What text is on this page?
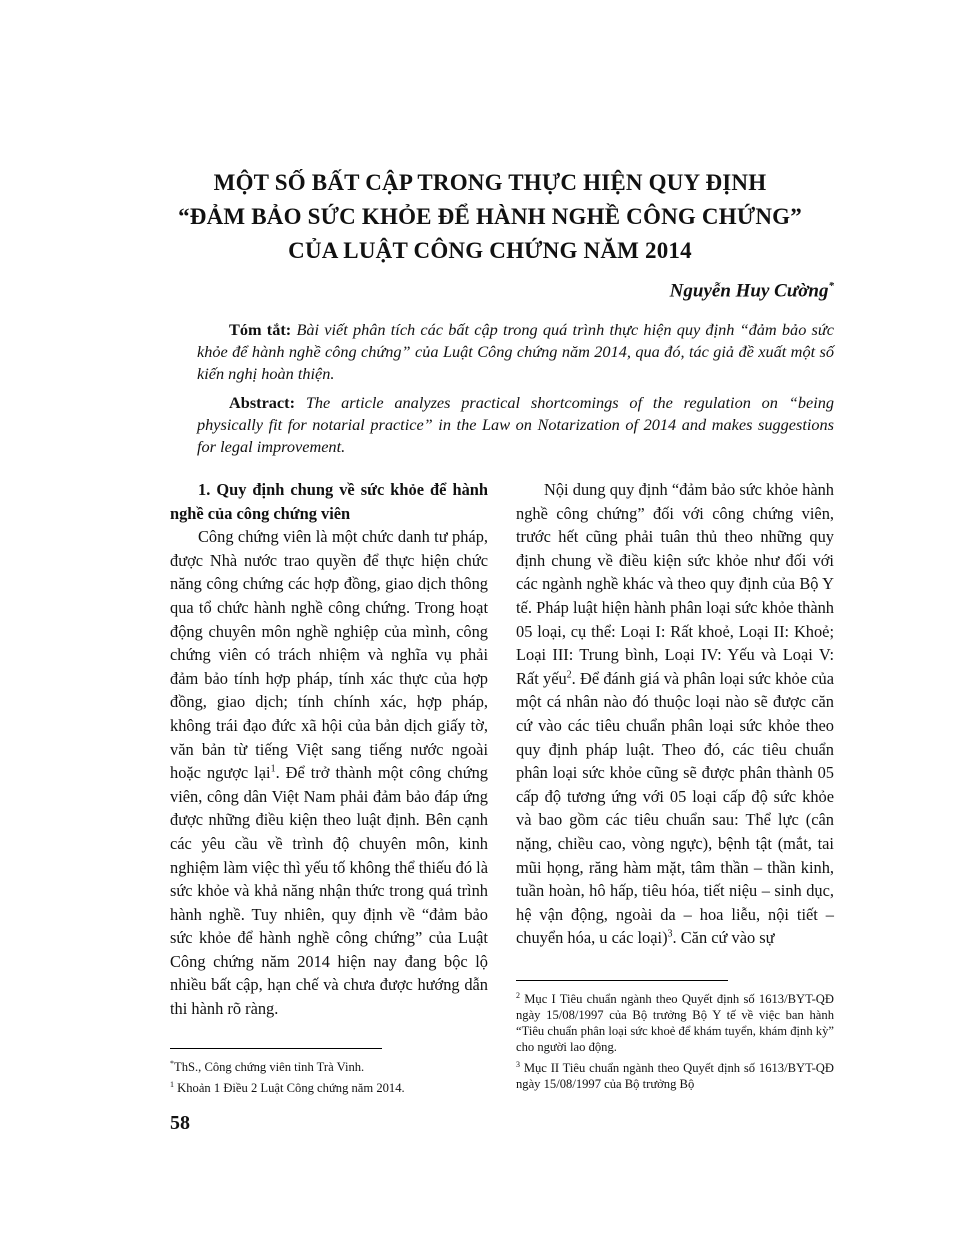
MỘT SỐ BẤT CẬP TRONG THỰC HIỆN QUY ĐỊNH
“ĐẢM BẢO SỨC KHỎE ĐỂ HÀNH NGHỀ CÔNG CHỨNG”
CỦA LUẬT CÔNG CHỨNG NĂM 2014
Nguyễn Huy Cường*
Tóm tắt: Bài viết phân tích các bất cập trong quá trình thực hiện quy định “đảm bảo sức khỏe để hành nghề công chứng” của Luật Công chứng năm 2014, qua đó, tác giả đề xuất một số kiến nghị hoàn thiện.
Abstract: The article analyzes practical shortcomings of the regulation on “being physically fit for notarial practice” in the Law on Notarization of 2014 and makes suggestions for legal improvement.
1. Quy định chung về sức khỏe để hành nghề của công chứng viên

Công chứng viên là một chức danh tư pháp, được Nhà nước trao quyền để thực hiện chức năng công chứng các hợp đồng, giao dịch thông qua tổ chức hành nghề công chứng. Trong hoạt động chuyên môn nghề nghiệp của mình, công chứng viên có trách nhiệm và nghĩa vụ phải đảm bảo tính hợp pháp, tính xác thực của hợp đồng, giao dịch; tính chính xác, hợp pháp, không trái đạo đức xã hội của bản dịch giấy tờ, văn bản từ tiếng Việt sang tiếng nước ngoài hoặc ngược lại$^1$. Để trở thành một công chứng viên, công dân Việt Nam phải đảm bảo đáp ứng được những điều kiện theo luật định. Bên cạnh các yêu cầu về trình độ chuyên môn, kinh nghiệm làm việc thì yếu tố không thể thiếu đó là sức khỏe và khả năng nhận thức trong quá trình hành nghề. Tuy nhiên, quy định về “đảm bảo sức khỏe để hành nghề công chứng” của Luật Công chứng năm 2014 hiện nay đang bộc lộ nhiều bất cập, hạn chế và chưa được hướng dẫn thi hành rõ ràng.

Nội dung quy định “đảm bảo sức khỏe hành nghề công chứng” đối với công chứng viên, trước hết cũng phải tuân thủ theo những quy định chung về điều kiện sức khỏe như đối với các ngành nghề khác và theo quy định của Bộ Y tế. Pháp luật hiện hành phân loại sức khỏe thành 05 loại, cụ thể: Loại I: Rất khoẻ, Loại II: Khoẻ; Loại III: Trung bình, Loại IV: Yếu và Loại V: Rất yếu$^2$. Để đánh giá và phân loại sức khỏe của một cá nhân nào đó thuộc loại nào sẽ được căn cứ vào các tiêu chuẩn phân loại sức khỏe theo quy định pháp luật. Theo đó, các tiêu chuẩn phân loại sức khỏe cũng sẽ được phân thành 05 cấp độ tương ứng với 05 loại cấp độ sức khỏe và bao gồm các tiêu chuẩn sau: Thể lực (cân nặng, chiều cao, vòng ngực), bệnh tật (mắt, tai mũi họng, răng hàm mặt, tâm thần – thần kinh, tuần hoàn, hô hấp, tiêu hóa, tiết niệu – sinh dục, hệ vận động, ngoài da – hoa liễu, nội tiết – chuyển hóa, u các loại)$^3$. Căn cứ vào sự

*ThS., Công chứng viên tỉnh Trà Vinh.

$^1$ Khoản 1 Điều 2 Luật Công chứng năm 2014.

$^2$ Mục I Tiêu chuẩn ngành theo Quyết định số 1613/BYT-QĐ ngày 15/08/1997 của Bộ trưởng Bộ Y tế về việc ban hành “Tiêu chuẩn phân loại sức khoẻ để khám tuyển, khám định kỳ” cho người lao động.

$^3$ Mục II Tiêu chuẩn ngành theo Quyết định số 1613/BYT-QĐ ngày 15/08/1997 của Bộ trưởng Bộ

58
